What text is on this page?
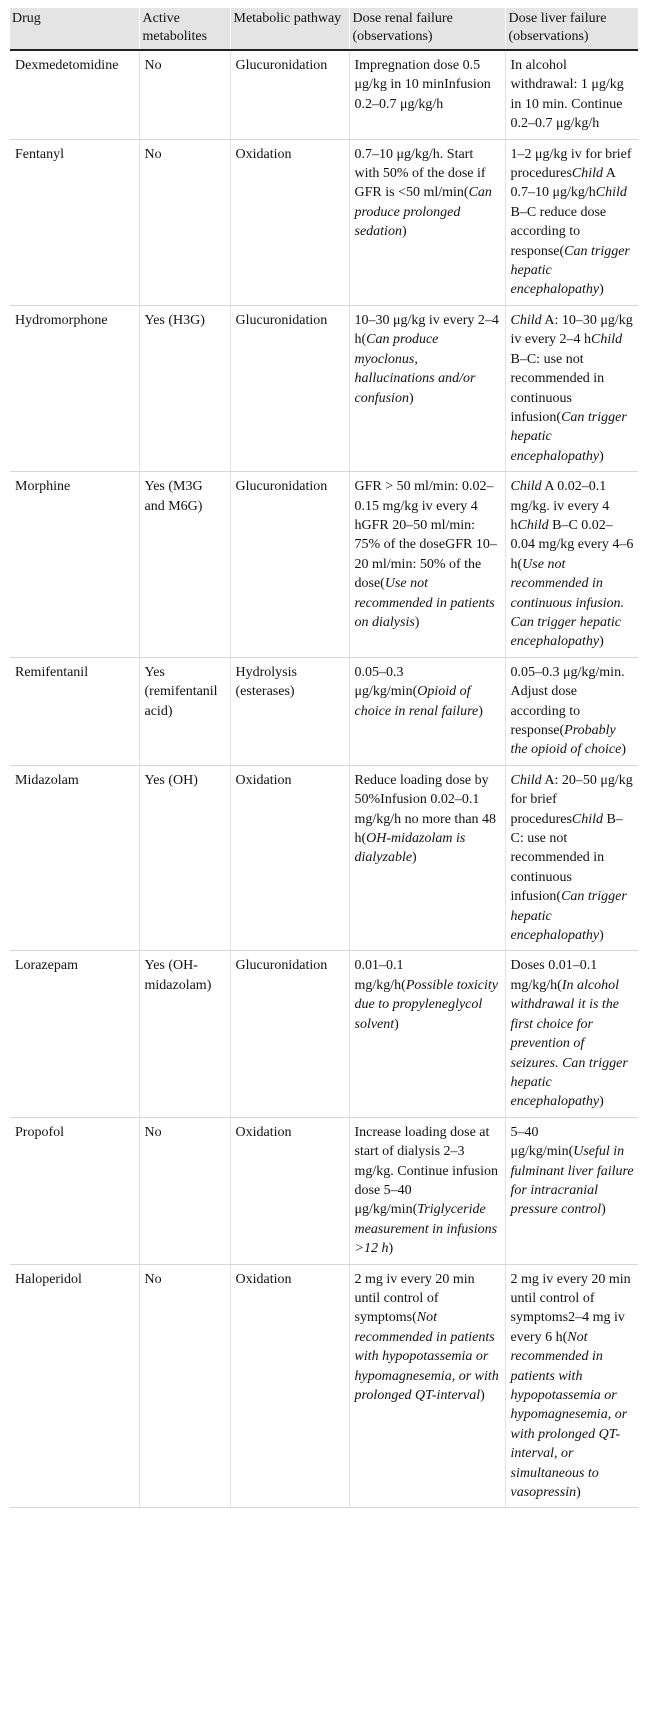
Drug	Active metabolites	Metabolic pathway	Dose renal failure (observations)	Dose liver failure (observations)
Dexmedetomidine	No	Glucuronidation	Impregnation dose 0.5 μg/kg in 10 minInfusion 0.2–0.7 μg/kg/h	In alcohol withdrawal: 1 μg/kg in 10 min. Continue 0.2–0.7 μg/kg/h
Fentanyl	No	Oxidation	0.7–10 μg/kg/h. Start with 50% of the dose if GFR is <50 ml/min(Can produce prolonged sedation)	1–2 μg/kg iv for brief proceduresChild A 0.7–10 μg/kg/hChild B–C reduce dose according to response(Can trigger hepatic encephalopathy)
Hydromorphone	Yes (H3G)	Glucuronidation	10–30 μg/kg iv every 2–4 h(Can produce myoclonus, hallucinations and/or confusion)	Child A: 10–30 μg/kg iv every 2–4 hChild B–C: use not recommended in continuous infusion(Can trigger hepatic encephalopathy)
Morphine	Yes (M3G and M6G)	Glucuronidation	GFR > 50 ml/min: 0.02–0.15 mg/kg iv every 4 hGFR 20–50 ml/min: 75% of the doseGFR 10–20 ml/min: 50% of the dose(Use not recommended in patients on dialysis)	Child A 0.02–0.1 mg/kg. iv every 4 hChild B–C 0.02–0.04 mg/kg every 4–6 h(Use not recommended in continuous infusion. Can trigger hepatic encephalopathy)
Remifentanil	Yes (remifentanil acid)	Hydrolysis (esterases)	0.05–0.3 μg/kg/min(Opioid of choice in renal failure)	0.05–0.3 μg/kg/min. Adjust dose according to response(Probably the opioid of choice)
Midazolam	Yes (OH)	Oxidation	Reduce loading dose by 50%Infusion 0.02–0.1 mg/kg/h no more than 48 h(OH-midazolam is dialyzable)	Child A: 20–50 μg/kg for brief proceduresChild B–C: use not recommended in continuous infusion(Can trigger hepatic encephalopathy)
Lorazepam	Yes (OH-midazolam)	Glucuronidation	0.01–0.1 mg/kg/h(Possible toxicity due to propyleneglycol solvent)	Doses 0.01–0.1 mg/kg/h(In alcohol withdrawal it is the first choice for prevention of seizures. Can trigger hepatic encephalopathy)
Propofol	No	Oxidation	Increase loading dose at start of dialysis 2–3 mg/kg. Continue infusion dose 5–40 μg/kg/min(Triglyceride measurement in infusions >12 h)	5–40 μg/kg/min(Useful in fulminant liver failure for intracranial pressure control)
Haloperidol	No	Oxidation	2 mg iv every 20 min until control of symptoms(Not recommended in patients with hypopotassemia or hypomagnesemia, or with prolonged QT-interval)	2 mg iv every 20 min until control of symptoms2–4 mg iv every 6 h(Not recommended in patients with hypopotassemia or hypomagnesemia, or with prolonged QT-interval, or simultaneous to vasopressin)
